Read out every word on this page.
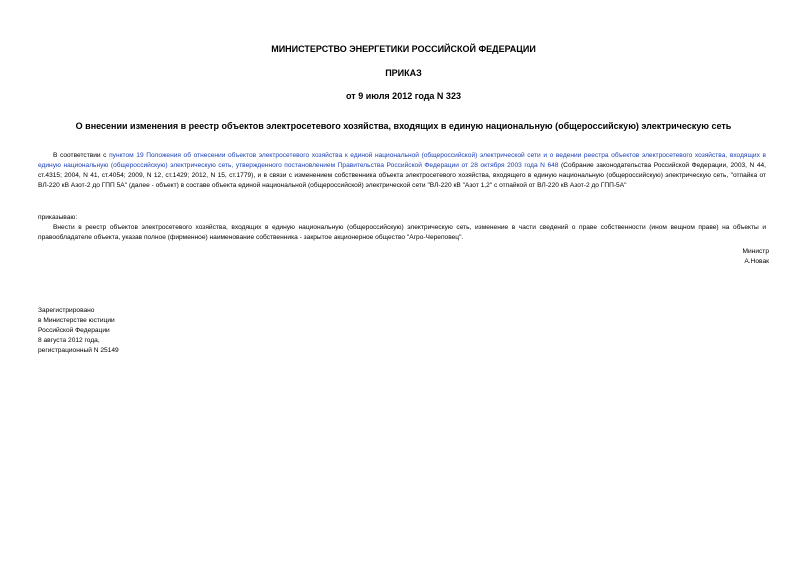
МИНИСТЕРСТВО ЭНЕРГЕТИКИ РОССИЙСКОЙ ФЕДЕРАЦИИ
ПРИКАЗ
от 9 июля 2012 года N 323
О внесении изменения в реестр объектов электросетевого хозяйства, входящих в единую национальную (общероссийскую) электрическую сеть

В соответствии с пунктом 19 Положения об отнесении объектов электросетевого хозяйства к единой национальной (общероссийской) электрической сети и о ведении реестра объектов электросетевого хозяйства, входящих в единую национальную (общероссийскую) электрическую сеть, утвержденного постановлением Правительства Российской Федерации от 28 октября 2003 года N 648 (Собрание законодательства Российской Федерации, 2003, N 44, ст.4315; 2004, N 41, ст.4054; 2009, N 12, ст.1429; 2012, N 15, ст.1779), и в связи с изменением собственника объекта электросетевого хозяйства, входящего в единую национальную (общероссийскую) электрическую сеть, "отпайка от ВЛ-220 кВ Азот-2 до ГПП 5А" (далее - объект) в составе объекта единой национальной (общероссийской) электрической сети "ВЛ-220 кВ "Азот 1,2" с отпайкой от ВЛ-220 кВ Азот-2 до ГПП-5А"

приказываю:

Внести в реестр объектов электросетевого хозяйства, входящих в единую национальную (общероссийскую) электрическую сеть, изменение в части сведений о праве собственности (ином вещном праве) на объекты и правообладателе объекта, указав полное (фирменное) наименование собственника - закрытое акционерное общество "Агро-Череповец".

Министр
А.Новак
Зарегистрировано
в Министерстве юстиции
Российской Федерации
8 августа 2012 года,
регистрационный N 25149
